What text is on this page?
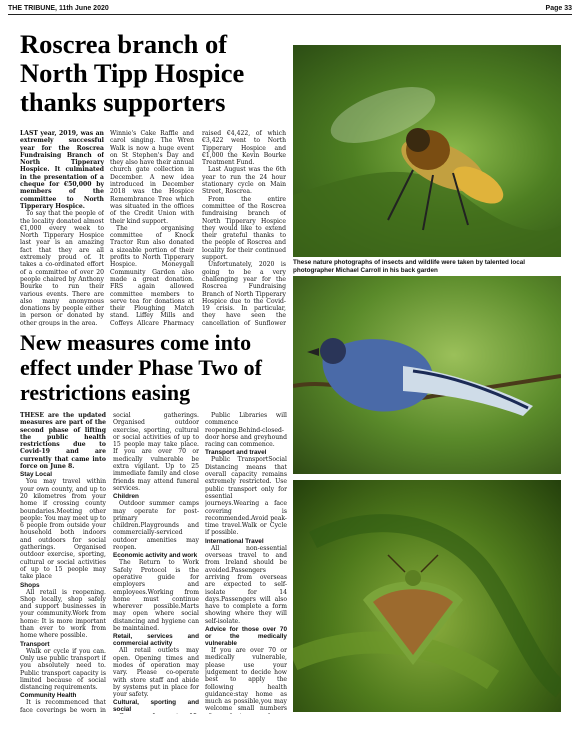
THE TRIBUNE, 11th June 2020	Page 33
Roscrea branch of North Tipp Hospice thanks supporters

LAST year, 2019, was an extremely successful year for the Roscrea Fundraising Branch of North Tipperary Hospice. It culminated in the presentation of a cheque for €50,000 by members of the committee to North Tipperary Hospice.

To say that the people of the locality donated almost €1,000 every week to North Tipperary Hospice last year is an amazing fact that they are all extremely proud of. It takes a co-ordinated effort of a committee of over 20 people chaired by Anthony Bourke to run their various events. There are also many anonymous donations by people either in person or donated by other groups in the area.

Winnie's Cake Raffle and carol singing. The Wren Walk is now a huge event on St Stephen's Day and they also have their annual church gate collection in December. A new idea introduced in December 2018 was the Hospice Remembrance Tree which was situated in the offices of the Credit Union with their kind support.

The organising committee of Knock Tractor Run also donated a sizeable portion of their profits to North Tipperary Hospice. Moneygall Community Garden also made a great donation. FRS again allowed committee members to serve tea for donations at their Ploughing Match stand. Liffey Mills and Coffeys Allcare Pharmacy

raised €4,422, of which €3,422 went to North Tipperary Hospice and €1,000 the Kevin Bourke Treatment Fund.

Last August was the 6th year to run the 24 hour stationary cycle on Main Street, Roscrea.

From the entire committee of the Roscrea fundraising branch of North Tipperary Hospice they would like to extend their grateful thanks to the people of Roscrea and locality for their continued support.

Unfortunately, 2020 is going to be a very challenging year for the Roscrea Fundraising Branch of North Tipperary Hospice due to the Covid-19 crisis. In particular, they have seen the cancellation of Sunflower

These nature photographs of insects and wildlife were taken by talented local photographer Michael Carroll in his back garden
New measures come into effect under Phase Two of restrictions easing

THESE are the updated measures are part of the second phase of lifting the public health restrictions due to Covid-19 and are currently that came into force on June 8.

Stay Local

You may travel within your own county, and up to 20 kilometres from your home if crossing county boundaries.Meeting other people: You may meet up to 6 people from outside your household both indoors and outdoors for social gatherings. Organised outdoor exercise, sporting, cultural or social activities of up to 15 people may take place

Shops

All retail is reopening. Shop locally, shop safely and support businesses in your community.Work from home: It is more important than ever to work from home where possible.

Transport

Walk or cycle if you can. Only use public transport if you absolutely need to. Public transport capacity is limited because of social distancing requirements.

Community Health

It is recommenced that face coverings be worn in

social gatherings. Organised outdoor exercise, sporting, cultural or social activities of up to 15 people may take place. If you are over 70 or medically vulnerable be extra vigilant. Up to 25 immediate family and close friends may attend funeral services.

Children

Outdoor summer camps may operate for post-primary children.Playgrounds and commercially-serviced outdoor amenities may reopen.

Economic activity and work

The Return to Work Safely Protocol is the operative guide for employers and employees.Working from home must continue wherever possible.Marts may open where social distancing and hygiene can be maintained.

Retail, services and commercial activity

All retail outlets may open. Opening times and modes of operation may vary. Please co-operate with store staff and abide by systems put in place for your safety.

Cultural, sporting and social

Public Libraries will commence reopening.Behind-closed-door horse and greyhound racing can commence.

Transport and travel

Public TransportSocial Distancing means that overall capacity remains extremely restricted. Use public transport only for essential journeys.Wearing a face covering is recommended.Avoid peak-time travel.Walk or Cycle if possible.

International Travel

All non-essential overseas travel to and from Ireland should be avoided.Passengers arriving from overseas are expected to self-isolate for 14 days.Passengers will also have to complete a form showing where they will self-isolate.

Advice for those over 70 or the medically vulnerable

If you are over 70 or medically vulnerable, please use your judgement to decide how best to apply the following health guidance:stay home as much as possible,you may welcome small numbers
